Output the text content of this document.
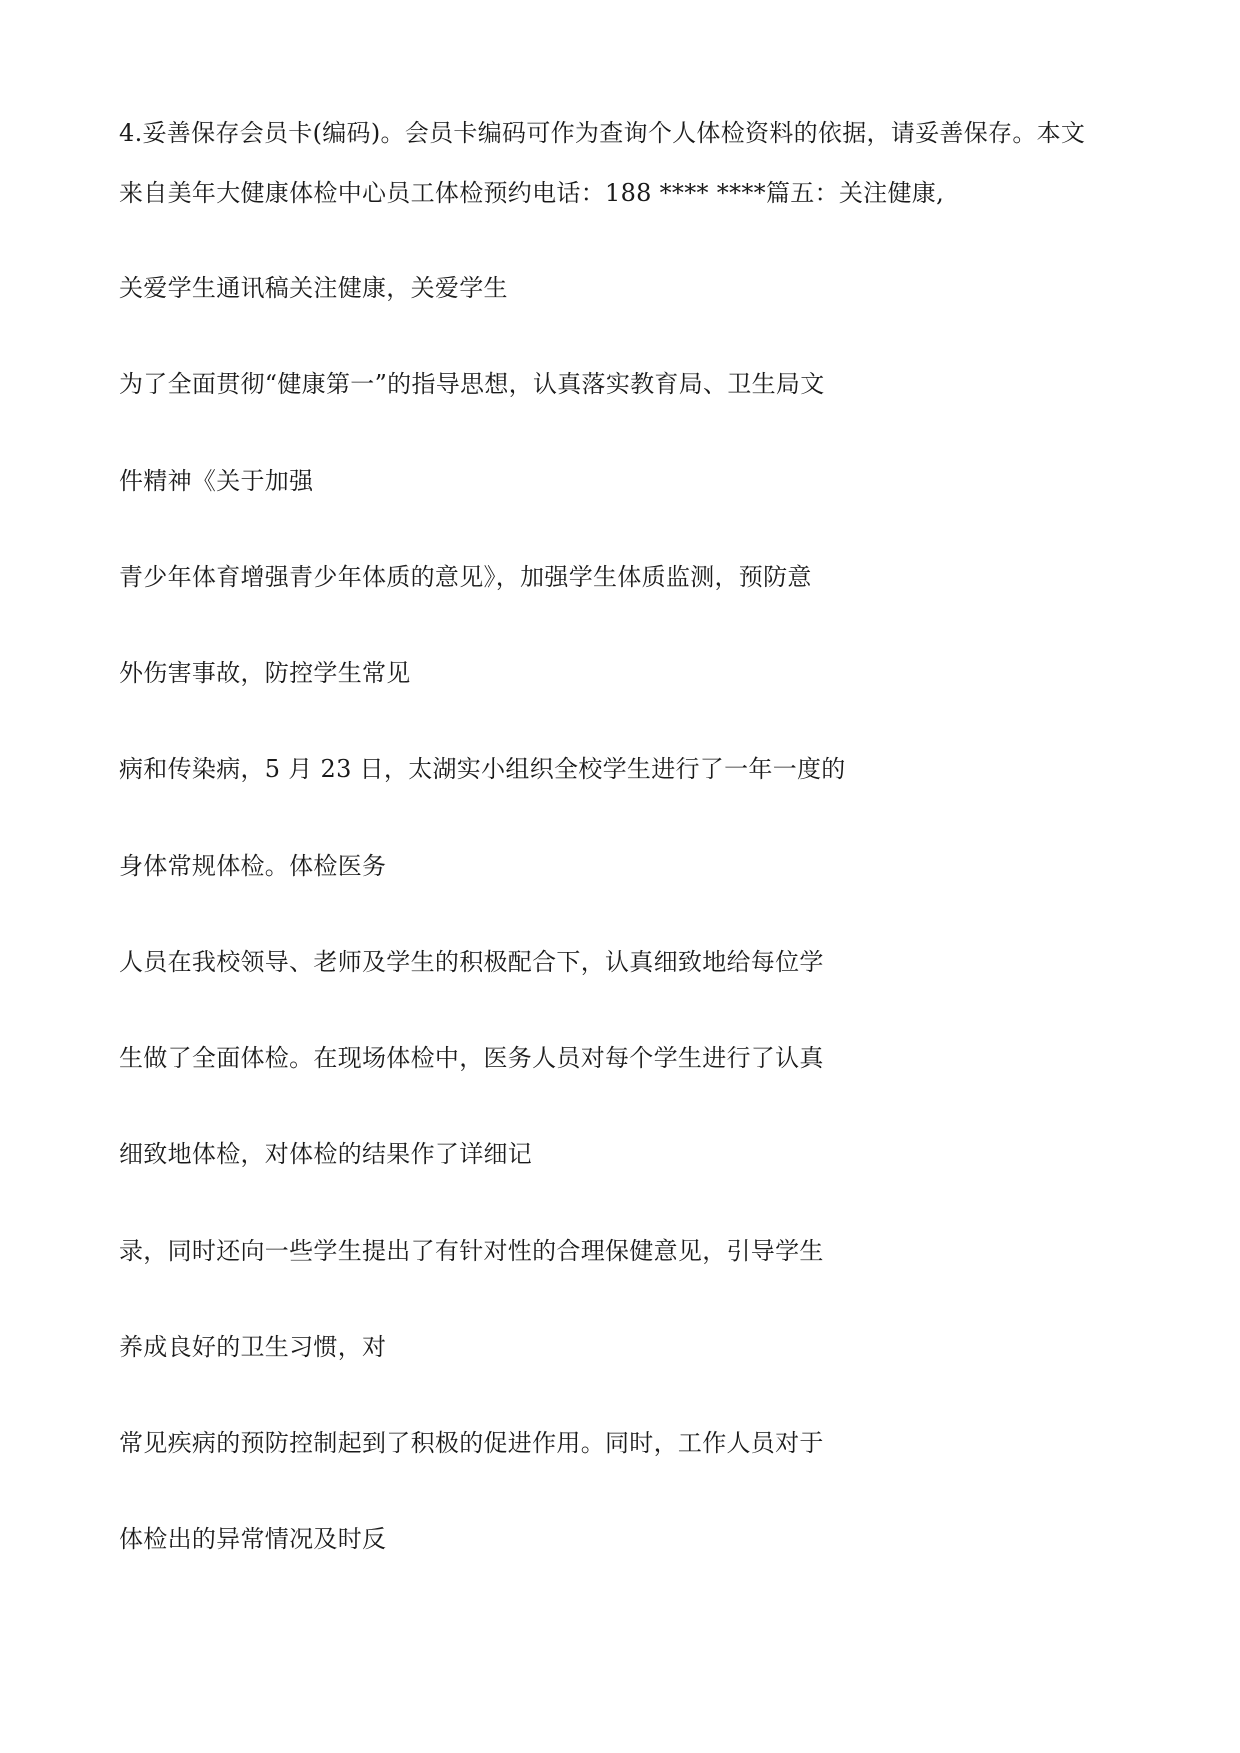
4.妥善保存会员卡(编码)。会员卡编码可作为查询个人体检资料的依据，请妥善保存。本文

来自美年大健康体检中心员工体检预约电话：188 **** ****篇五：关注健康,

关爱学生通讯稿关注健康，关爱学生

为了全面贯彻“健康第一”的指导思想，认真落实教育局、卫生局文

件精神《关于加强

青少年体育增强青少年体质的意见》，加强学生体质监测，预防意

外伤害事故，防控学生常见

病和传染病，5 月 23 日，太湖实小组织全校学生进行了一年一度的

身体常规体检。体检医务

人员在我校领导、老师及学生的积极配合下，认真细致地给每位学

生做了全面体检。在现场体检中，医务人员对每个学生进行了认真

细致地体检，对体检的结果作了详细记

录，同时还向一些学生提出了有针对性的合理保健意见，引导学生

养成良好的卫生习惯，对

常见疾病的预防控制起到了积极的促进作用。同时，工作人员对于

体检出的异常情况及时反
